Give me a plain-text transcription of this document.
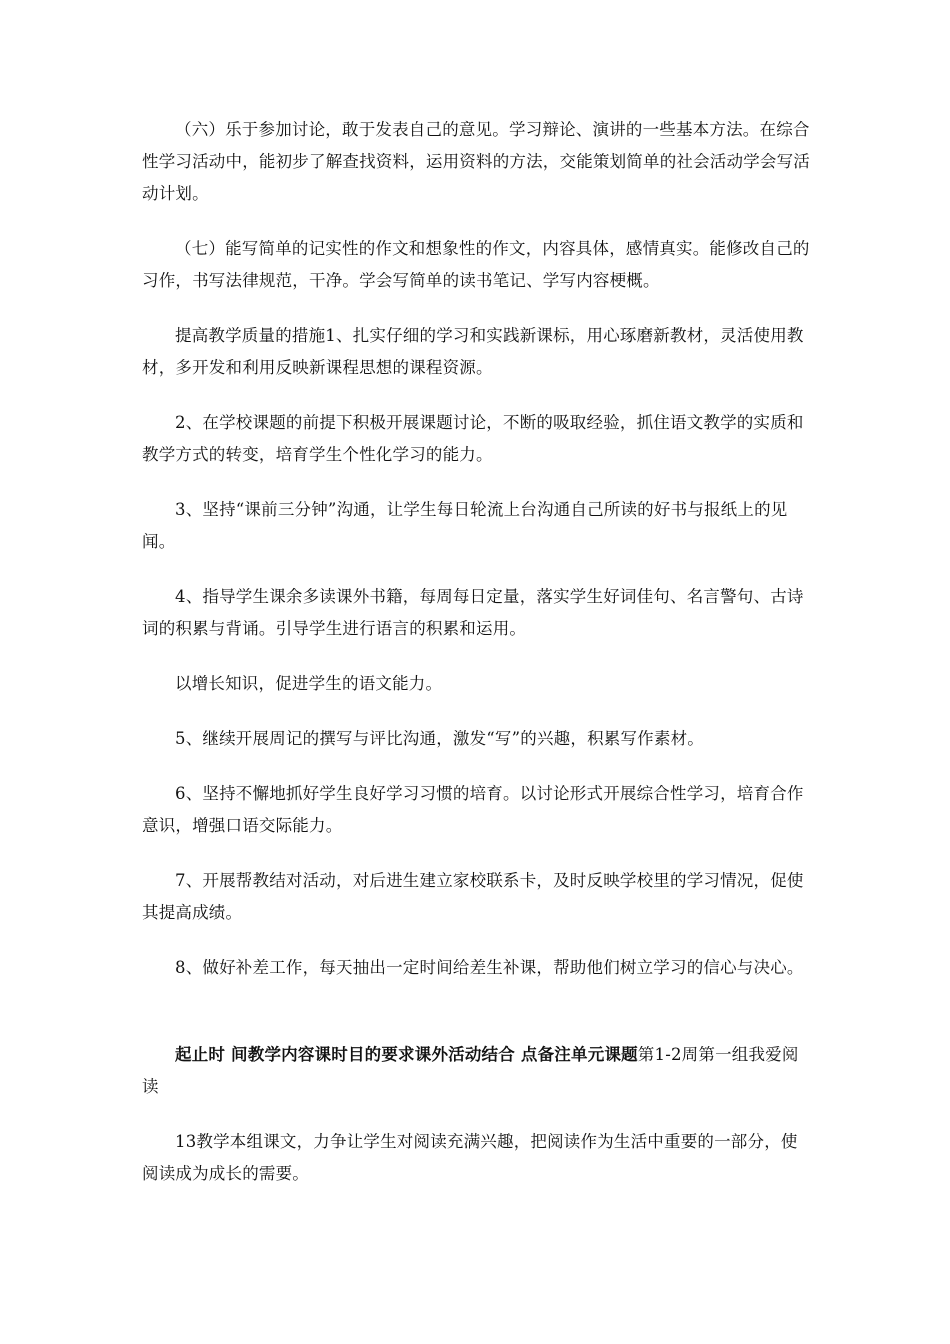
（六）乐于参加讨论，敢于发表自己的意见。学习辩论、演讲的一些基本方法。在综合性学习活动中，能初步了解查找资料，运用资料的方法，交能策划简单的社会活动学会写活动计划。

（七）能写简单的记实性的作文和想象性的作文，内容具体，感情真实。能修改自己的习作，书写法律规范，干净。学会写简单的读书笔记、学写内容梗概。

提高教学质量的措施1、扎实仔细的学习和实践新课标，用心琢磨新教材，灵活使用教材，多开发和利用反映新课程思想的课程资源。

2、在学校课题的前提下积极开展课题讨论，不断的吸取经验，抓住语文教学的实质和教学方式的转变，培育学生个性化学习的能力。

3、坚持“课前三分钟”沟通，让学生每日轮流上台沟通自己所读的好书与报纸上的见闻。

4、指导学生课余多读课外书籍，每周每日定量，落实学生好词佳句、名言警句、古诗词的积累与背诵。引导学生进行语言的积累和运用。

以增长知识，促进学生的语文能力。

5、继续开展周记的撰写与评比沟通，激发“写”的兴趣，积累写作素材。

6、坚持不懈地抓好学生良好学习习惯的培育。以讨论形式开展综合性学习，培育合作意识，增强口语交际能力。

7、开展帮教结对活动，对后进生建立家校联系卡，及时反映学校里的学习情况，促使其提高成绩。

8、做好补差工作，每天抽出一定时间给差生补课，帮助他们树立学习的信心与决心。

起止时 间教学内容课时目的要求课外活动结合 点备注单元课题第1-2周第一组我爱阅读

13教学本组课文，力争让学生对阅读充满兴趣，把阅读作为生活中重要的一部分，使阅读成为成长的需要。
